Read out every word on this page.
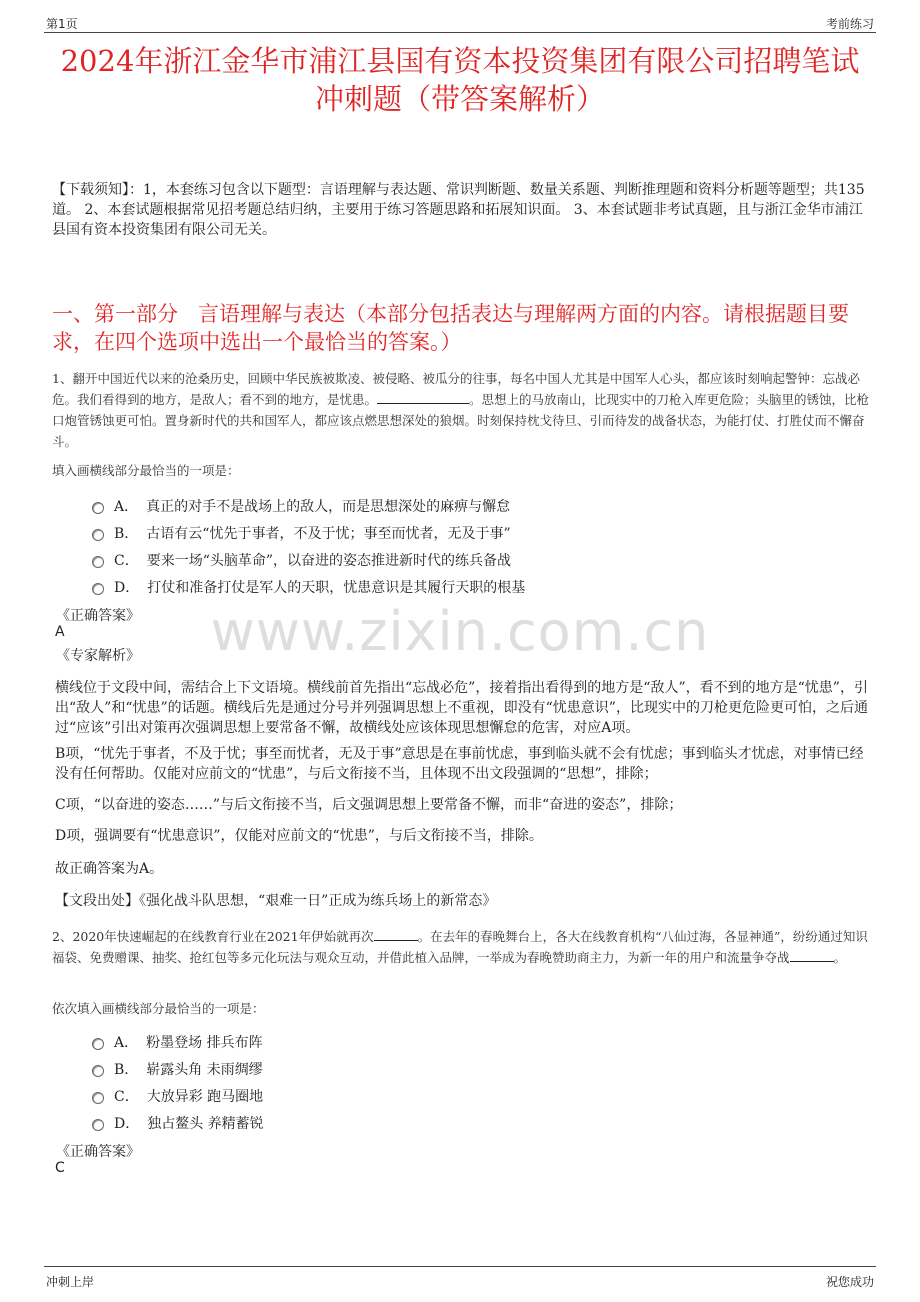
第1页	考前练习
2024年浙江金华市浦江县国有资本投资集团有限公司招聘笔试
冲刺题（带答案解析）
【下载须知】：1，本套练习包含以下题型：言语理解与表达题、常识判断题、数量关系题、判断推理题和资料分析题等题型；共135道。 2、本套试题根据常见招考题总结归纳，主要用于练习答题思路和拓展知识面。 3、本套试题非考试真题，且与浙江金华市浦江县国有资本投资集团有限公司无关。
一、第一部分 言语理解与表达（本部分包括表达与理解两方面的内容。请根据题目要求，在四个选项中选出一个最恰当的答案。）
www.zixin.com.cn
1、翻开中国近代以来的沧桑历史，回顾中华民族被欺凌、被侵略、被瓜分的往事，每名中国人尤其是中国军人心头，都应该时刻响起警钟：忘战必危。我们看得到的地方，是敌人；看不到的地方，是忧患。	。思想上的马放南山，比现实中的刀枪入库更危险；头脑里的锈蚀，比枪口炮管锈蚀更可怕。置身新时代的共和国军人，都应该点燃思想深处的狼烟。时刻保持枕戈待旦、引而待发的战备状态，为能打仗、打胜仗而不懈奋斗。
填入画横线部分最恰当的一项是：
A． 真正的对手不是战场上的敌人，而是思想深处的麻痹与懈怠
B． 古语有云“忧先于事者，不及于忧；事至而忧者，无及于事”
C． 要来一场“头脑革命”，以奋进的姿态推进新时代的练兵备战
D． 打仗和准备打仗是军人的天职，忧患意识是其履行天职的根基
《正确答案》
A
《专家解析》
横线位于文段中间，需结合上下文语境。横线前首先指出“忘战必危”，接着指出看得到的地方是“敌人”，看不到的地方是“忧患”，引出“敌人”和“忧患”的话题。横线后先是通过分号并列强调思想上不重视，即没有“忧患意识”，比现实中的刀枪更危险更可怕，之后通过“应该”引出对策再次强调思想上要常备不懈，故横线处应该体现思想懈怠的危害，对应A项。
B项，“忧先于事者，不及于忧；事至而忧者，无及于事”意思是在事前忧虑，事到临头就不会有忧虑；事到临头才忧虑，对事情已经没有任何帮助。仅能对应前文的“忧患”，与后文衔接不当，且体现不出文段强调的“思想”，排除；
C项，“以奋进的姿态……”与后文衔接不当，后文强调思想上要常备不懈，而非“奋进的姿态”，排除；
D项，强调要有“忧患意识”，仅能对应前文的“忧患”，与后文衔接不当，排除。
故正确答案为A。
【文段出处】《强化战斗队思想，“艰难一日”正成为练兵场上的新常态》
2、2020年快速崛起的在线教育行业在2021年伊始就再次	。在去年的春晚舞台上，各大在线教育机构“八仙过海，各显神通”，纷纷通过知识福袋、免费赠课、抽奖、抢红包等多元化玩法与观众互动，并借此植入品牌，一举成为春晚赞助商主力，为新一年的用户和流量争夺战	。
依次填入画横线部分最恰当的一项是：
A． 粉墨登场 排兵布阵
B． 崭露头角 未雨绸缪
C． 大放异彩 跑马圈地
D． 独占鳌头 养精蓄锐
《正确答案》
C
冲刺上岸	祝您成功
